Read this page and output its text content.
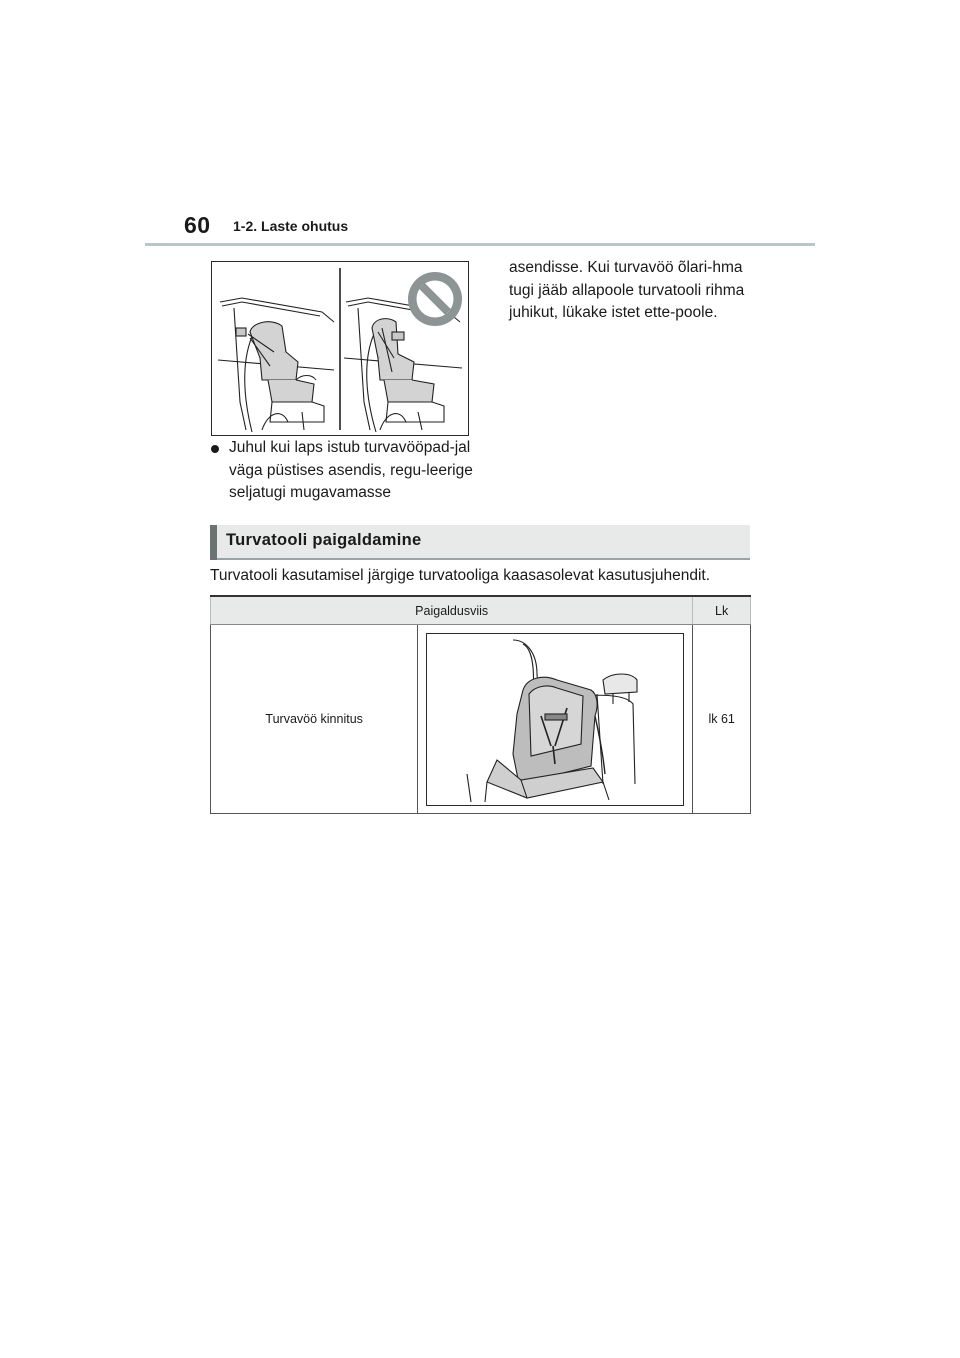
60 1-2. Laste ohutus

Juhul kui laps istub turvavööpad-jal väga püstises asendis, regu-leerige seljatugi mugavamasse

asendisse. Kui turvavöö õlari-hma tugi jääb allapoole turvatooli rihma juhikut, lükake istet ette-poole.

Turvatooli paigaldamine

Turvatooli kasutamisel järgige turvatooliga kaasasolevat kasutusjuhendit.

Paigaldusviis		Lk
Turvavöö kinnitus		lk 61
